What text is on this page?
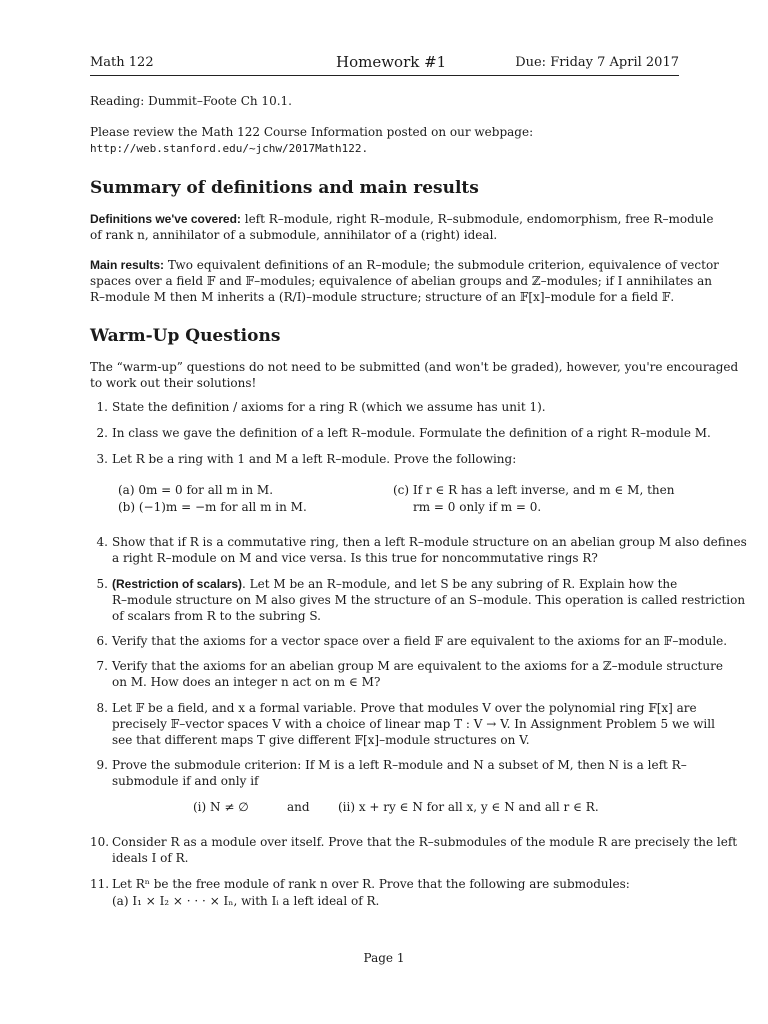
Math 122	Homework #1	Due: Friday 7 April 2017
Reading: Dummit–Foote Ch 10.1.
Please review the Math 122 Course Information posted on our webpage:
http://web.stanford.edu/~jchw/2017Math122.
Summary of definitions and main results
Definitions we've covered: left R–module, right R–module, R–submodule, endomorphism, free R–module
of rank n, annihilator of a submodule, annihilator of a (right) ideal.
Main results: Two equivalent definitions of an R–module; the submodule criterion, equivalence of vector
spaces over a field 𝔽 and 𝔽–modules; equivalence of abelian groups and ℤ–modules; if I annihilates an
R–module M then M inherits a (R/I)–module structure; structure of an 𝔽[x]–module for a field 𝔽.
Warm-Up Questions
The “warm-up” questions do not need to be submitted (and won't be graded), however, you're encouraged
to work out their solutions!
1. State the definition / axioms for a ring R (which we assume has unit 1).
2. In class we gave the definition of a left R–module. Formulate the definition of a right R–module M.
3. Let R be a ring with 1 and M a left R–module. Prove the following:
(a) 0m = 0 for all m in M.
(b) (−1)m = −m for all m in M.
(c) If r ∈ R has a left inverse, and m ∈ M, then
rm = 0 only if m = 0.
4. Show that if R is a commutative ring, then a left R–module structure on an abelian group M also defines
a right R–module on M and vice versa. Is this true for noncommutative rings R?
5. (Restriction of scalars). Let M be an R–module, and let S be any subring of R. Explain how the
R–module structure on M also gives M the structure of an S–module. This operation is called restriction
of scalars from R to the subring S.
6. Verify that the axioms for a vector space over a field 𝔽 are equivalent to the axioms for an 𝔽–module.
7. Verify that the axioms for an abelian group M are equivalent to the axioms for a ℤ–module structure
on M. How does an integer n act on m ∈ M?
8. Let 𝔽 be a field, and x a formal variable. Prove that modules V over the polynomial ring 𝔽[x] are
precisely 𝔽–vector spaces V with a choice of linear map T : V → V. In Assignment Problem 5 we will
see that different maps T give different 𝔽[x]–module structures on V.
9. Prove the submodule criterion: If M is a left R–module and N a subset of M, then N is a left R–
submodule if and only if
(i) N ≠ ∅	and (ii) x + ry ∈ N for all x, y ∈ N and all r ∈ R.
10. Consider R as a module over itself. Prove that the R–submodules of the module R are precisely the left
ideals I of R.
11. Let Rⁿ be the free module of rank n over R. Prove that the following are submodules:
(a) I₁ × I₂ × · · · × Iₙ, with Iᵢ a left ideal of R.
Page 1
